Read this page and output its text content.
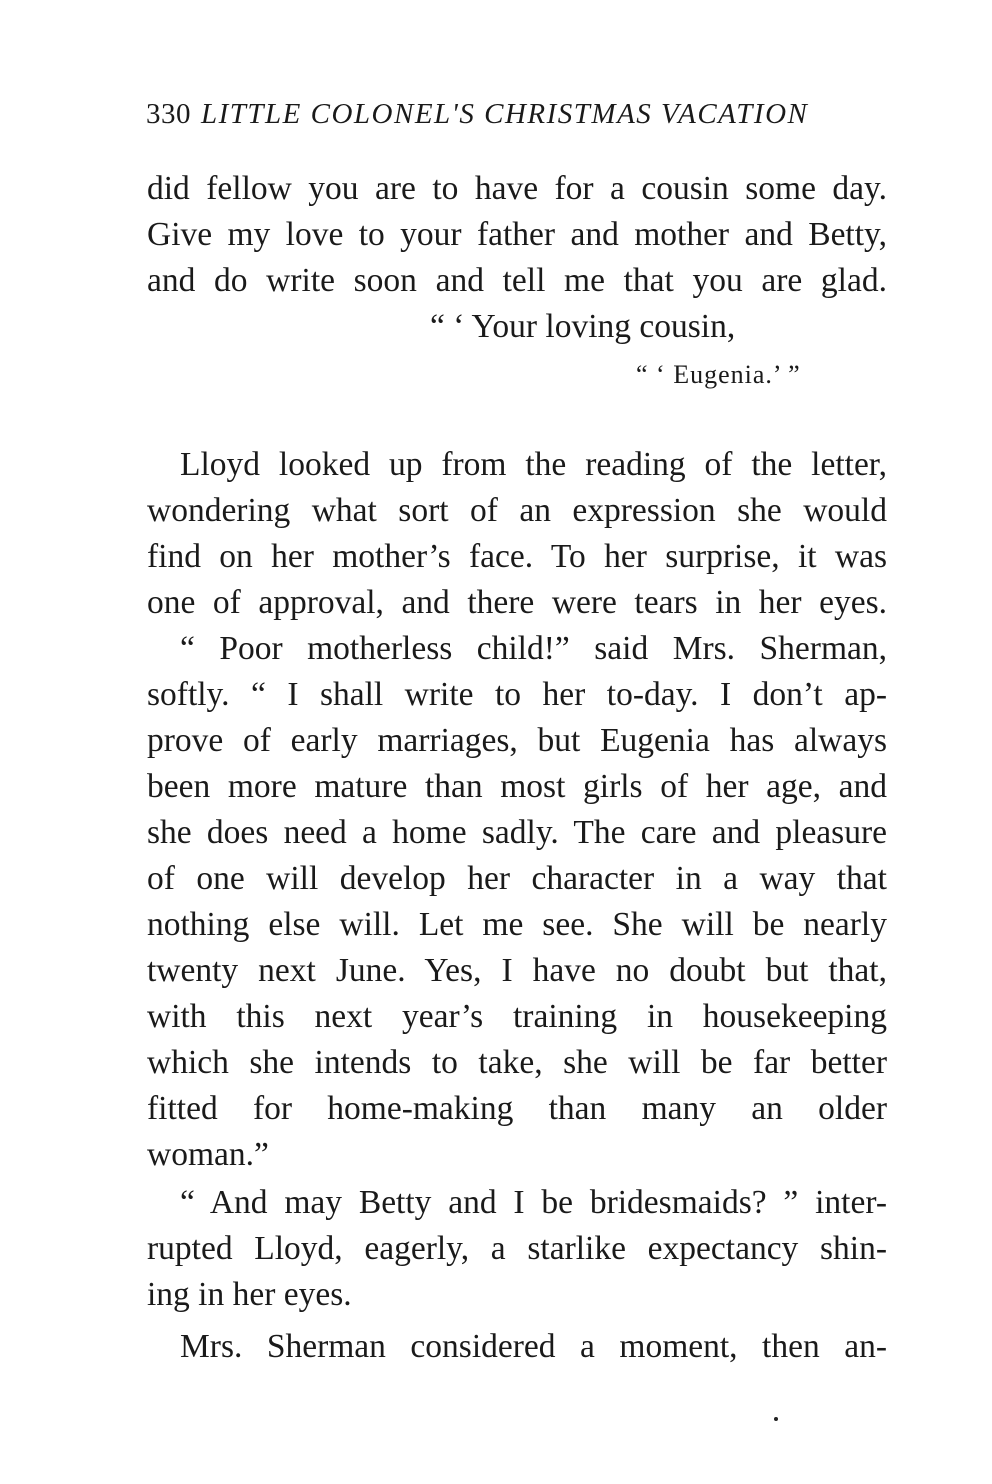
330 LITTLE COLONEL'S CHRISTMAS VACATION
did fellow you are to have for a cousin some day.
Give my love to your father and mother and Betty,
and do write soon and tell me that you are glad.
“ ‘ Your loving cousin,
“ ‘ Eugenia.’ ”
Lloyd looked up from the reading of the letter,
wondering what sort of an expression she would
find on her mother’s face. To her surprise, it was
one of approval, and there were tears in her eyes.
“ Poor motherless child!” said Mrs. Sherman,
softly. “ I shall write to her to-day. I don’t ap-
prove of early marriages, but Eugenia has always
been more mature than most girls of her age, and
she does need a home sadly. The care and pleasure
of one will develop her character in a way that
nothing else will. Let me see. She will be nearly
twenty next June. Yes, I have no doubt but that,
with this next year’s training in housekeeping
which she intends to take, she will be far better
fitted for home-making than many an older
woman.”
“ And may Betty and I be bridesmaids? ” inter-
rupted Lloyd, eagerly, a starlike expectancy shin-
ing in her eyes.
Mrs. Sherman considered a moment, then an-
